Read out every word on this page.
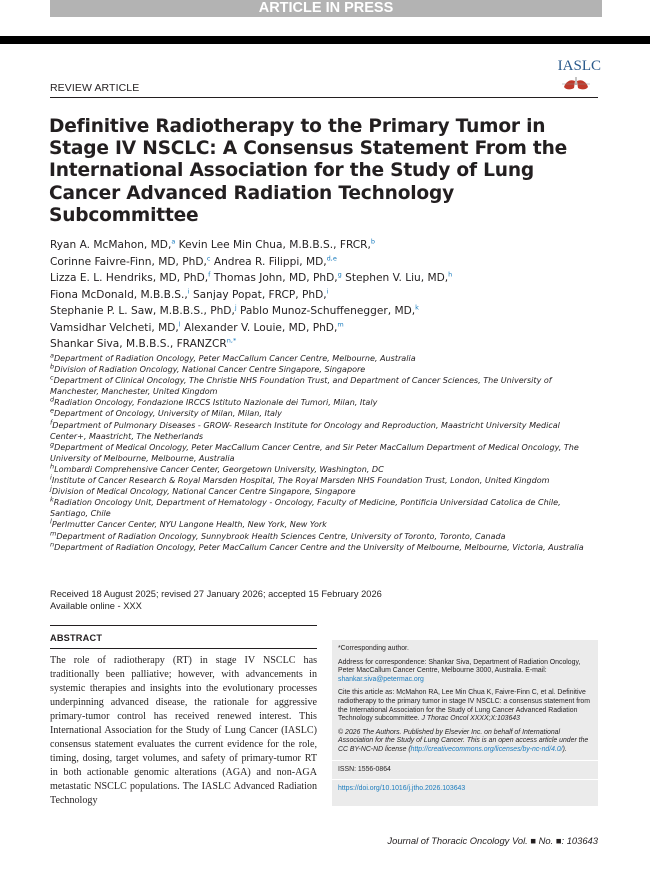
ARTICLE IN PRESS
IASLC
REVIEW ARTICLE
Definitive Radiotherapy to the Primary Tumor in
Stage IV NSCLC: A Consensus Statement From the
International Association for the Study of Lung
Cancer Advanced Radiation Technology
Subcommittee
Ryan A. McMahon, MD,$^a$ Kevin Lee Min Chua, M.B.B.S., FRCR,$^b$
Corinne Faivre-Finn, MD, PhD,$^c$ Andrea R. Filippi, MD,$^{d,e}$
Lizza E. L. Hendriks, MD, PhD,$^f$ Thomas John, MD, PhD,$^g$ Stephen V. Liu, MD,$^h$
Fiona McDonald, M.B.B.S.,$^i$ Sanjay Popat, FRCP, PhD,$^i$
Stephanie P. L. Saw, M.B.B.S., PhD,$^j$ Pablo Munoz-Schuffenegger, MD,$^k$
Vamsidhar Velcheti, MD,$^l$ Alexander V. Louie, MD, PhD,$^m$
Shankar Siva, M.B.B.S., $FRANZCR^{n,*}$
$^a$Department of Radiation Oncology, Peter MacCallum Cancer Centre, Melbourne, Australia
$^b$Division of Radiation Oncology, National Cancer Centre Singapore, Singapore
$^c$Department of Clinical Oncology, The Christie NHS Foundation Trust, and Department of Cancer Sciences, The University of Manchester, Manchester, United Kingdom
$^d$Radiation Oncology, Fondazione IRCCS Istituto Nazionale dei Tumori, Milan, Italy
$^e$Department of Oncology, University of Milan, Milan, Italy
$^f$Department of Pulmonary Diseases - GROW- Research Institute for Oncology and Reproduction, Maastricht University Medical Center+, Maastricht, The Netherlands
$^g$Department of Medical Oncology, Peter MacCallum Cancer Centre, and Sir Peter MacCallum Department of Medical Oncology, The University of Melbourne, Melbourne, Australia
$^h$Lombardi Comprehensive Cancer Center, Georgetown University, Washington, DC
$^i$Institute of Cancer Research & Royal Marsden Hospital, The Royal Marsden NHS Foundation Trust, London, United Kingdom
$^j$Division of Medical Oncology, National Cancer Centre Singapore, Singapore
$^k$Radiation Oncology Unit, Department of Hematology - Oncology, Faculty of Medicine, Pontificia Universidad Catolica de Chile, Santiago, Chile
$^l$Perlmutter Cancer Center, NYU Langone Health, New York, New York
$^m$Department of Radiation Oncology, Sunnybrook Health Sciences Centre, University of Toronto, Toronto, Canada
$^n$Department of Radiation Oncology, Peter MacCallum Cancer Centre and the University of Melbourne, Melbourne, Victoria, Australia
Received 18 August 2025; revised 27 January 2026; accepted 15 February 2026
Available online - XXX
ABSTRACT
The role of radiotherapy (RT) in stage IV NSCLC has traditionally been palliative; however, with advancements in systemic therapies and insights into the evolutionary processes underpinning advanced disease, the rationale for aggressive primary-tumor control has received renewed interest. This International Association for the Study of Lung Cancer (IASLC) consensus statement evaluates the current evidence for the role, timing, dosing, target volumes, and safety of primary-tumor RT in both actionable genomic alterations (AGA) and non-AGA metastatic NSCLC populations. The IASLC Advanced Radiation Technology

*Corresponding author.

Address for correspondence: Shankar Siva, Department of Radiation Oncology, Peter MacCallum Cancer Centre, Melbourne 3000, Australia. E-mail: shankar.siva@petermac.org

Cite this article as: McMahon RA, Lee Min Chua K, Faivre-Finn C, et al. Definitive radiotherapy to the primary tumor in stage IV NSCLC: a consensus statement from the International Association for the Study of Lung Cancer Advanced Radiation Technology subcommittee. J Thorac Oncol XXXX;X:103643

© 2026 The Authors. Published by Elsevier Inc. on behalf of International Association for the Study of Lung Cancer. This is an open access article under the CC BY-NC-ND license (http://creativecommons.org/licenses/by-nc-nd/4.0/).

ISSN: 1556-0864

https://doi.org/10.1016/j.jtho.2026.103643

Journal of Thoracic Oncology Vol. ■ No. ■: 103643
